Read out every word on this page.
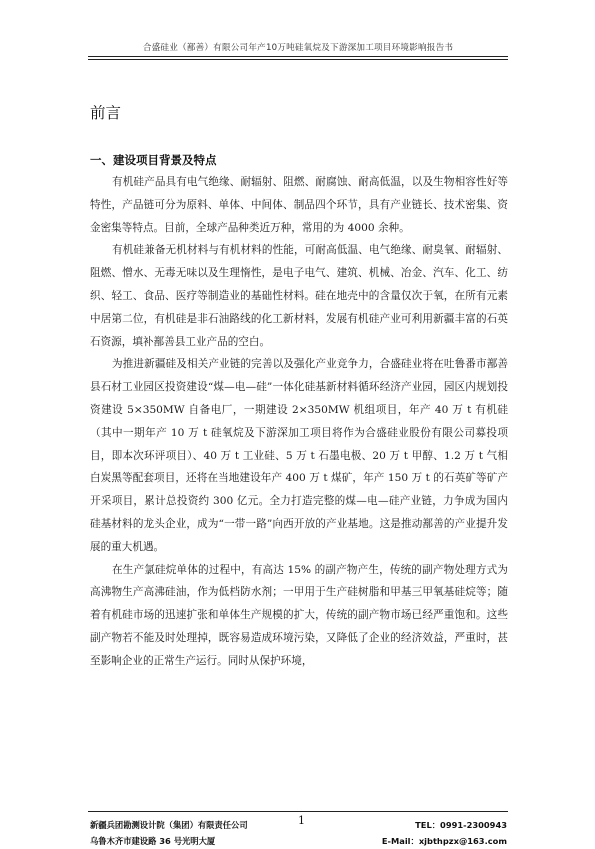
合盛硅业（鄯善）有限公司年产10万吨硅氧烷及下游深加工项目环境影响报告书
前言
一、建设项目背景及特点

有机硅产品具有电气绝缘、耐辐射、阻燃、耐腐蚀、耐高低温，以及生物相容性好等特性，产品链可分为原料、单体、中间体、制品四个环节，具有产业链长、技术密集、资金密集等特点。目前，全球产品种类近万种，常用的为 4000 余种。

有机硅兼备无机材料与有机材料的性能，可耐高低温、电气绝缘、耐臭氧、耐辐射、阻燃、憎水、无毒无味以及生理惰性，是电子电气、建筑、机械、冶金、汽车、化工、纺织、轻工、食品、医疗等制造业的基础性材料。硅在地壳中的含量仅次于氧，在所有元素中居第二位，有机硅是非石油路线的化工新材料，发展有机硅产业可利用新疆丰富的石英石资源，填补鄯善县工业产品的空白。

为推进新疆硅及相关产业链的完善以及强化产业竞争力，合盛硅业将在吐鲁番市鄯善县石材工业园区投资建设“煤—电—硅”一体化硅基新材料循环经济产业园，园区内规划投资建设 5×350MW 自备电厂，一期建设 2×350MW 机组项目，年产 40 万 t 有机硅（其中一期年产 10 万 t 硅氧烷及下游深加工项目将作为合盛硅业股份有限公司募投项目，即本次环评项目）、40 万 t 工业硅、5 万 t 石墨电极、20 万 t 甲醇、1.2 万 t 气相白炭黑等配套项目，还将在当地建设年产 400 万 t 煤矿，年产 150 万 t 的石英矿等矿产开采项目，累计总投资约 300 亿元。全力打造完整的煤—电—硅产业链，力争成为国内硅基材料的龙头企业，成为“一带一路”向西开放的产业基地。这是推动鄯善的产业提升发展的重大机遇。

在生产氯硅烷单体的过程中，有高达 15% 的副产物产生，传统的副产物处理方式为高沸物生产高沸硅油，作为低档防水剂；一甲用于生产硅树脂和甲基三甲氧基硅烷等；随着有机硅市场的迅速扩张和单体生产规模的扩大，传统的副产物市场已经严重饱和。这些副产物若不能及时处理掉，既容易造成环境污染，又降低了企业的经济效益，严重时，甚至影响企业的正常生产运行。同时从保护环境，

新疆兵团勘测设计院（集团）有限责任公司
乌鲁木齐市建设路 36 号光明大厦
1	TEL：0991-2300943
E-Mail：xjbthpzx@163.com
